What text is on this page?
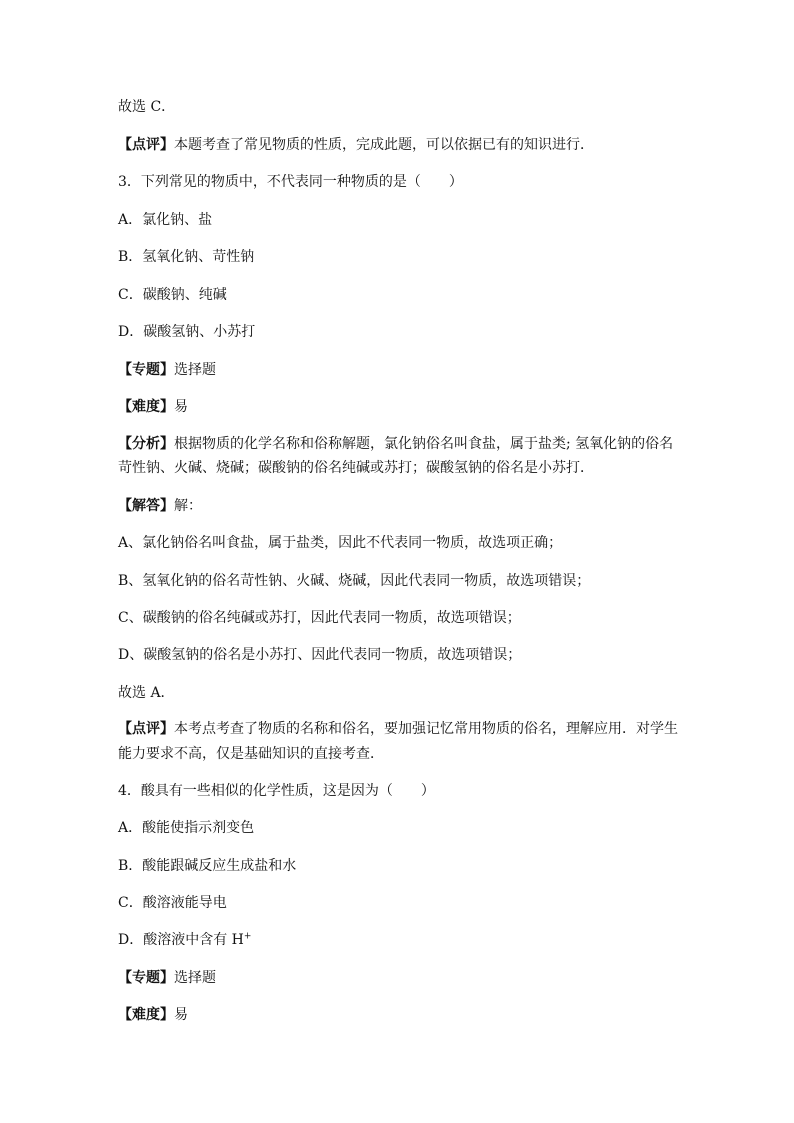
故选 C．
【点评】本题考查了常见物质的性质，完成此题，可以依据已有的知识进行．
3．下列常见的物质中，不代表同一种物质的是（　　）
A．氯化钠、盐
B．氢氧化钠、苛性钠
C．碳酸钠、纯碱
D．碳酸氢钠、小苏打
【专题】选择题
【难度】易
【分析】根据物质的化学名称和俗称解题，氯化钠俗名叫食盐，属于盐类; 氢氧化钠的俗名
苛性钠、火碱、烧碱；碳酸钠的俗名纯碱或苏打；碳酸氢钠的俗名是小苏打．
【解答】解：
A、氯化钠俗名叫食盐，属于盐类，因此不代表同一物质，故选项正确；
B、氢氧化钠的俗名苛性钠、火碱、烧碱，因此代表同一物质，故选项错误；
C、碳酸钠的俗名纯碱或苏打，因此代表同一物质，故选项错误；
D、碳酸氢钠的俗名是小苏打、因此代表同一物质，故选项错误；
故选 A．
【点评】本考点考查了物质的名称和俗名，要加强记忆常用物质的俗名，理解应用．对学生
能力要求不高，仅是基础知识的直接考查．
4．酸具有一些相似的化学性质，这是因为（　　）
A．酸能使指示剂变色
B．酸能跟碱反应生成盐和水
C．酸溶液能导电
D．酸溶液中含有 H+
【专题】选择题
【难度】易
